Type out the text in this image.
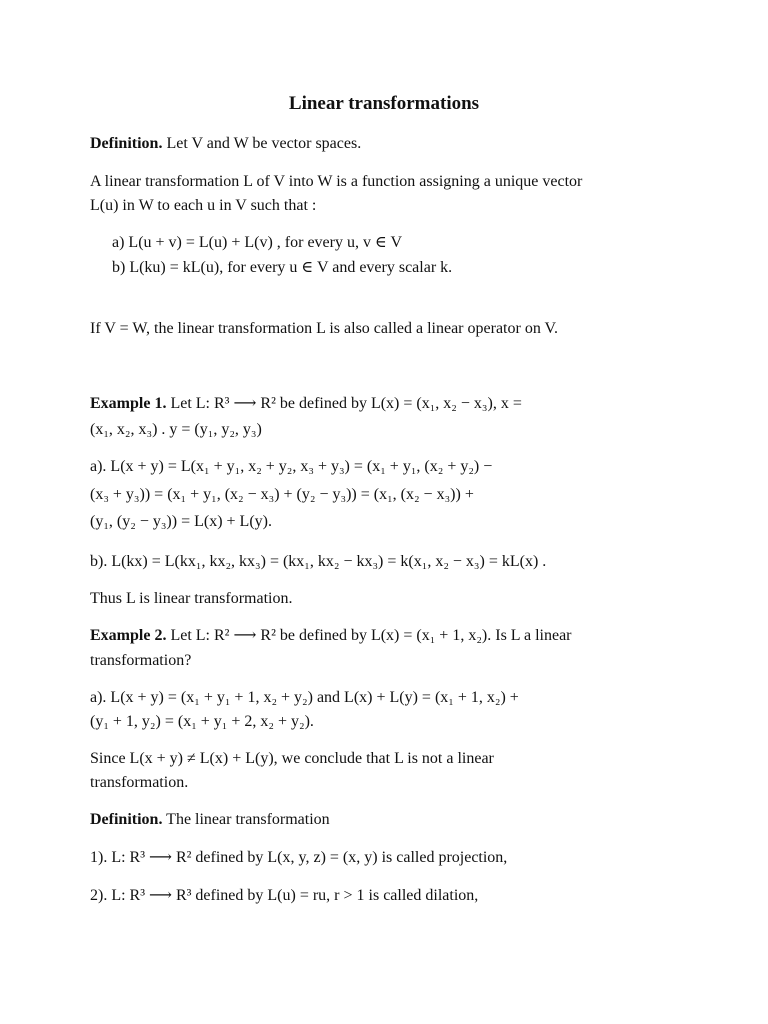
Linear transformations
Definition. Let V and W be vector spaces.
A linear transformation L of V into W is a function assigning a unique vector
L(u) in W to each u in V such that :
a) L(u + v) = L(u) + L(v) , for every u, v ∈ V
b) L(ku) = kL(u), for every u ∈ V and every scalar k.
If V = W, the linear transformation L is also called a linear operator on V.
Example 1. Let L: R³ ⟶ R² be defined by L(x) = (x₁, x₂ − x₃), x =
(x₁, x₂, x₃) . y = (y₁, y₂, y₃)
a). L(x + y) = L(x₁ + y₁, x₂ + y₂, x₃ + y₃) = (x₁ + y₁, (x₂ + y₂) −
(x₃ + y₃)) = (x₁ + y₁, (x₂ − x₃) + (y₂ − y₃)) = (x₁, (x₂ − x₃)) +
(y₁, (y₂ − y₃)) = L(x) + L(y).
b). L(kx) = L(kx₁, kx₂, kx₃) = (kx₁, kx₂ − kx₃) = k(x₁, x₂ − x₃) = kL(x) .
Thus L is linear transformation.
Example 2. Let L: R² ⟶ R² be defined by L(x) = (x₁ + 1, x₂). Is L a linear
transformation?
a). L(x + y) = (x₁ + y₁ + 1, x₂ + y₂) and L(x) + L(y) = (x₁ + 1, x₂) +
(y₁ + 1, y₂) = (x₁ + y₁ + 2, x₂ + y₂).
Since L(x + y) ≠ L(x) + L(y), we conclude that L is not a linear
transformation.
Definition. The linear transformation
1). L: R³ ⟶ R² defined by L(x, y, z) = (x, y) is called projection,
2). L: R³ ⟶ R³ defined by L(u) = ru, r > 1 is called dilation,
